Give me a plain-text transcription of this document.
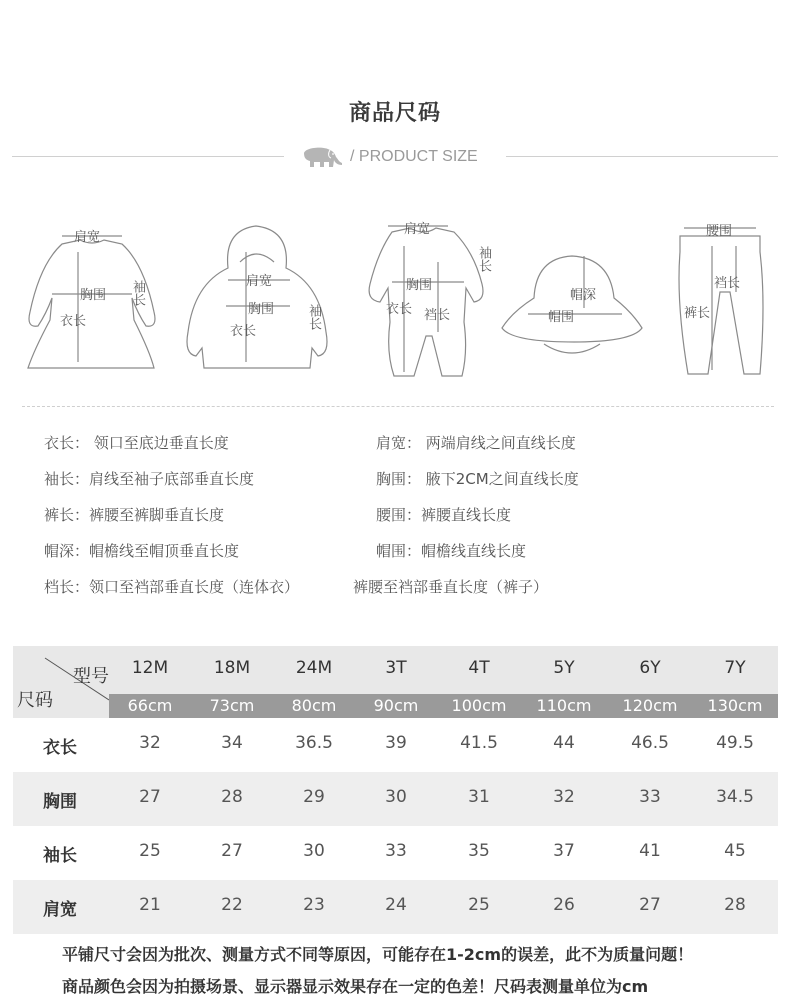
商品尺码
/ PRODUCT SIZE
肩宽
胸围 袖长
衣长
肩宽
胸围 袖长
衣长
肩宽
袖长
胸围
衣长 裆长
帽深
帽围
腰围
裆长
裤长
衣长： 领口至底边垂直长度	肩宽： 两端肩线之间直线长度
袖长：肩线至袖子底部垂直长度	胸围： 腋下2CM之间直线长度
裤长：裤腰至裤脚垂直长度	腰围：裤腰直线长度
帽深：帽檐线至帽顶垂直长度	帽围：帽檐线直线长度
档长：领口至裆部垂直长度（连体衣）	裤腰至裆部垂直长度（裤子）
型号
尺码
12M	18M	24M	3T	4T	5Y	6Y	7Y
66cm	73cm	80cm	90cm	100cm	110cm	120cm	130cm
衣长	32	34	36.5	39	41.5	44	46.5	49.5
胸围	27	28	29	30	31	32	33	34.5
袖长	25	27	30	33	35	37	41	45
肩宽	21	22	23	24	25	26	27	28
平铺尺寸会因为批次、测量方式不同等原因，可能存在1-2cm的误差，此不为质量问题！
商品颜色会因为拍摄场景、显示器显示效果存在一定的色差！尺码表测量单位为cm
